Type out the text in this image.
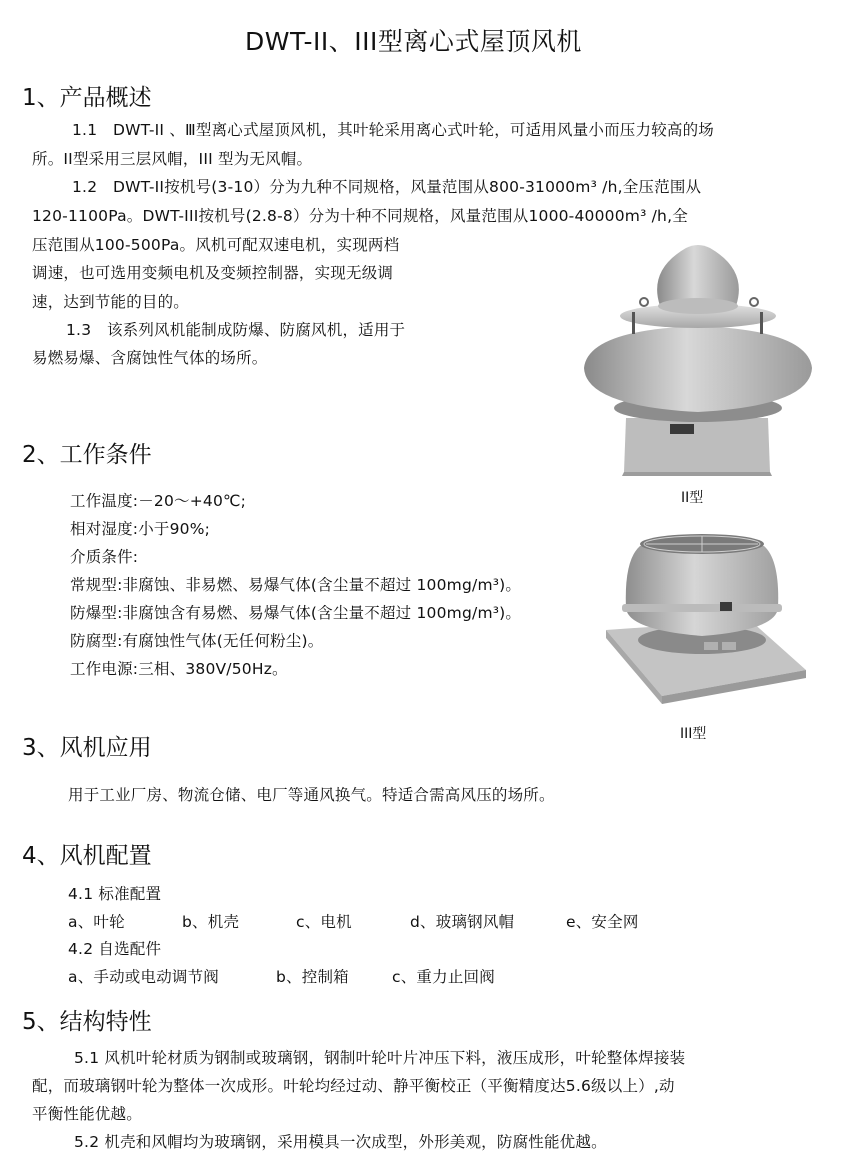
DWT-II、III型离心式屋顶风机
1、产品概述
1.1　DWT-II 、Ⅲ型离心式屋顶风机，其叶轮采用离心式叶轮，可适用风量小而压力较高的场
所。II型采用三层风帽，III 型为无风帽。
1.2　DWT-II按机号(3-10）分为九种不同规格，风量范围从800-31000m³ /h,全压范围从
120-1100Pa。DWT-III按机号(2.8-8）分为十种不同规格，风量范围从1000-40000m³ /h,全
压范围从100-500Pa。风机可配双速电机，实现两档
调速，也可选用变频电机及变频控制器，实现无级调
速，达到节能的目的。
1.3　该系列风机能制成防爆、防腐风机，适用于
易燃易爆、含腐蚀性气体的场所。
II型
2、工作条件
工作温度:－20～+40℃;
相对湿度:小于90%;
介质条件:
常规型:非腐蚀、非易燃、易爆气体(含尘量不超过 100mg/m³)。
防爆型:非腐蚀含有易燃、易爆气体(含尘量不超过 100mg/m³)。
防腐型:有腐蚀性气体(无任何粉尘)。
工作电源:三相、380V/50Hz。
III型
3、风机应用
用于工业厂房、物流仓储、电厂等通风换气。特适合需高风压的场所。
4、风机配置
4.1 标准配置
a、叶轮	b、机壳	c、电机	d、玻璃钢风帽	e、安全网
4.2 自选配件
a、手动或电动调节阀	b、控制箱	c、重力止回阀
5、结构特性
5.1 风机叶轮材质为钢制或玻璃钢，钢制叶轮叶片冲压下料，液压成形，叶轮整体焊接装
配，而玻璃钢叶轮为整体一次成形。叶轮均经过动、静平衡校正（平衡精度达5.6级以上）,动
平衡性能优越。
5.2 机壳和风帽均为玻璃钢，采用模具一次成型，外形美观，防腐性能优越。
